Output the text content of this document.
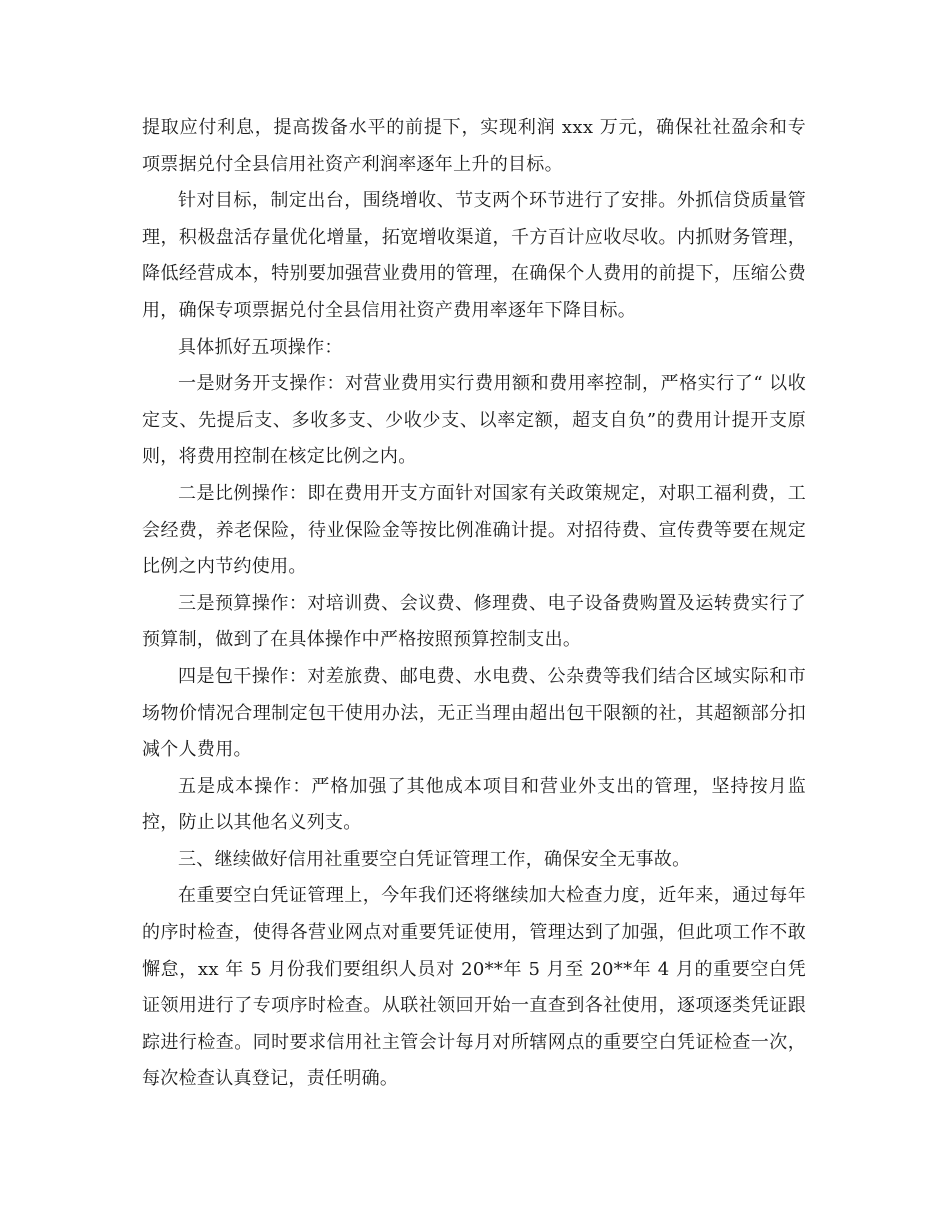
提取应付利息，提高拨备水平的前提下，实现利润 xxx 万元，确保社社盈余和专项票据兑付全县信用社资产利润率逐年上升的目标。

针对目标，制定出台，围绕增收、节支两个环节进行了安排。外抓信贷质量管理，积极盘活存量优化增量，拓宽增收渠道，千方百计应收尽收。内抓财务管理，降低经营成本，特别要加强营业费用的管理，在确保个人费用的前提下，压缩公费用，确保专项票据兑付全县信用社资产费用率逐年下降目标。

具体抓好五项操作：

一是财务开支操作：对营业费用实行费用额和费用率控制，严格实行了“ 以收定支、先提后支、多收多支、少收少支、以率定额，超支自负”的费用计提开支原则，将费用控制在核定比例之内。

二是比例操作：即在费用开支方面针对国家有关政策规定，对职工福利费，工会经费，养老保险，待业保险金等按比例准确计提。对招待费、宣传费等要在规定比例之内节约使用。

三是预算操作：对培训费、会议费、修理费、电子设备费购置及运转费实行了预算制，做到了在具体操作中严格按照预算控制支出。

四是包干操作：对差旅费、邮电费、水电费、公杂费等我们结合区域实际和市场物价情况合理制定包干使用办法，无正当理由超出包干限额的社，其超额部分扣减个人费用。

五是成本操作：严格加强了其他成本项目和营业外支出的管理，坚持按月监控，防止以其他名义列支。

三、继续做好信用社重要空白凭证管理工作，确保安全无事故。

在重要空白凭证管理上，今年我们还将继续加大检查力度，近年来，通过每年的序时检查，使得各营业网点对重要凭证使用，管理达到了加强，但此项工作不敢懈怠，xx 年 5 月份我们要组织人员对 20**年 5 月至 20**年 4 月的重要空白凭证领用进行了专项序时检查。从联社领回开始一直查到各社使用，逐项逐类凭证跟踪进行检查。同时要求信用社主管会计每月对所辖网点的重要空白凭证检查一次，每次检查认真登记，责任明确。
